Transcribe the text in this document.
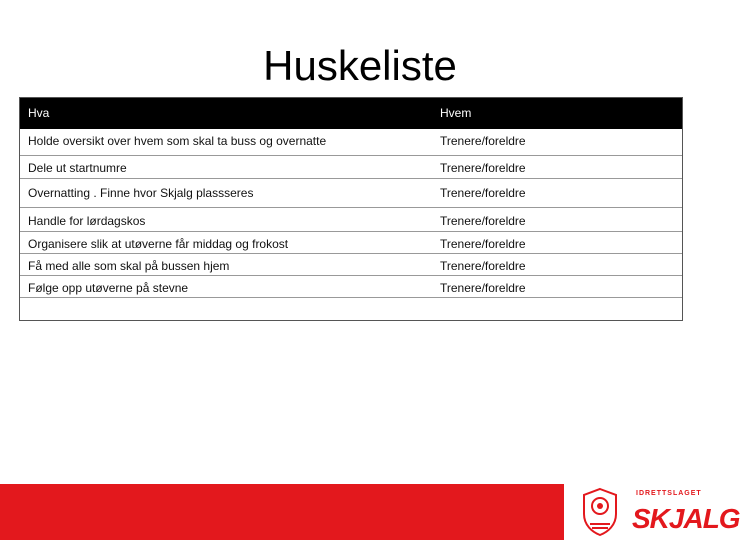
Huskeliste
Hva	Hvem
Holde oversikt over hvem som skal ta buss og overnatte	Trenere/foreldre
Dele ut startnumre	Trenere/foreldre
Overnatting . Finne hvor Skjalg plassseres	Trenere/foreldre
Handle for lørdagskos	Trenere/foreldre
Organisere slik at utøverne får middag og frokost	Trenere/foreldre
Få med alle som skal på bussen hjem	Trenere/foreldre
Følge opp utøverne på stevne	Trenere/foreldre
Når
IDRETTSLAGET
SKJALG
